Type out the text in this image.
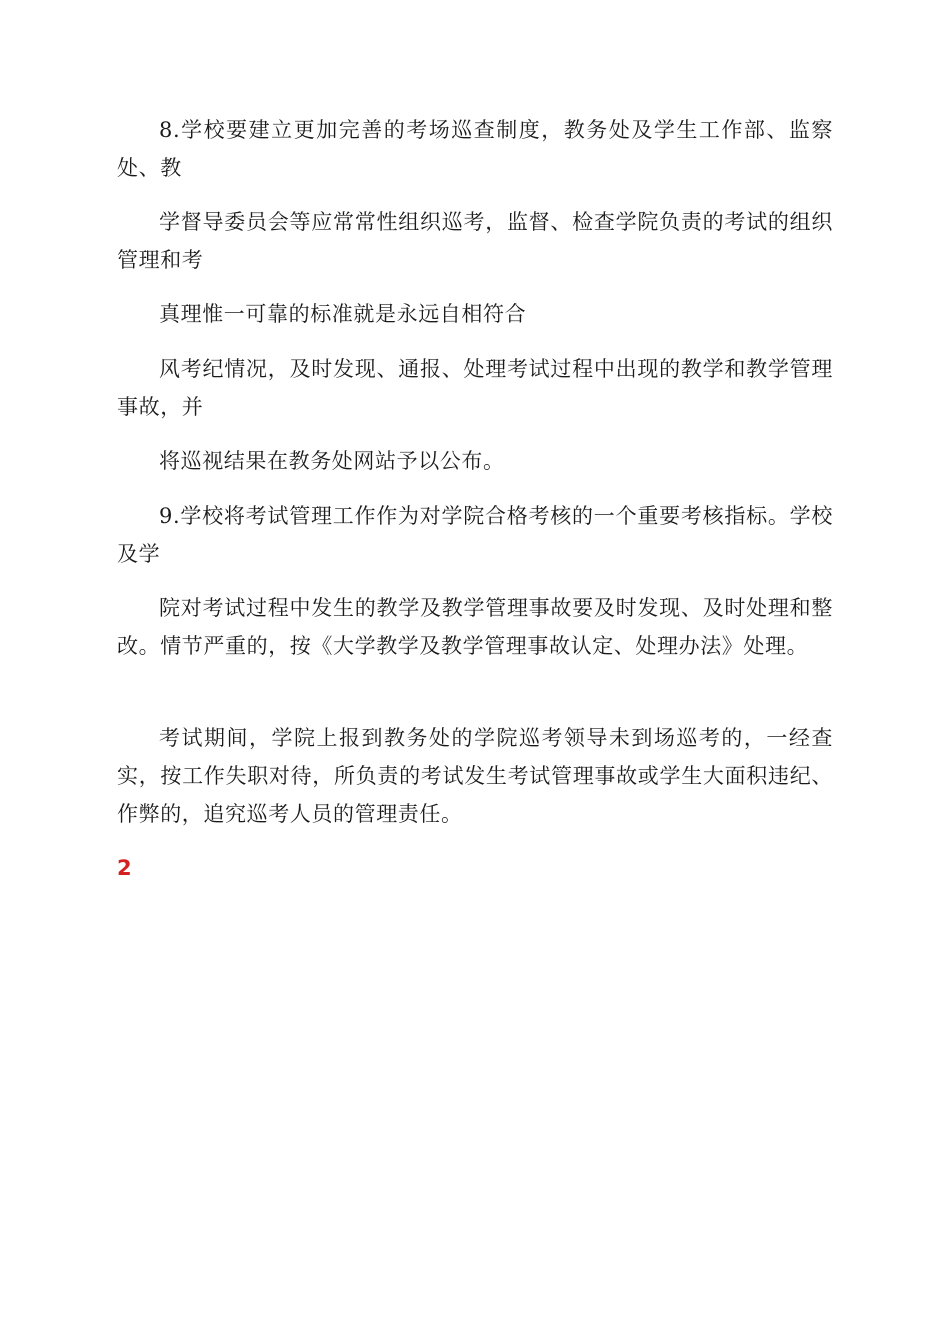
8.学校要建立更加完善的考场巡查制度，教务处及学生工作部、监察处、教

学督导委员会等应常常性组织巡考，监督、检查学院负责的考试的组织管理和考

真理惟一可靠的标准就是永远自相符合

风考纪情况，及时发现、通报、处理考试过程中出现的教学和教学管理事故，并

将巡视结果在教务处网站予以公布。

9.学校将考试管理工作作为对学院合格考核的一个重要考核指标。学校及学

院对考试过程中发生的教学及教学管理事故要及时发现、及时处理和整改。情节严重的，按《大学教学及教学管理事故认定、处理办法》处理。

考试期间，学院上报到教务处的学院巡考领导未到场巡考的，一经查实，按工作失职对待，所负责的考试发生考试管理事故或学生大面积违纪、作弊的，追究巡考人员的管理责任。

2
